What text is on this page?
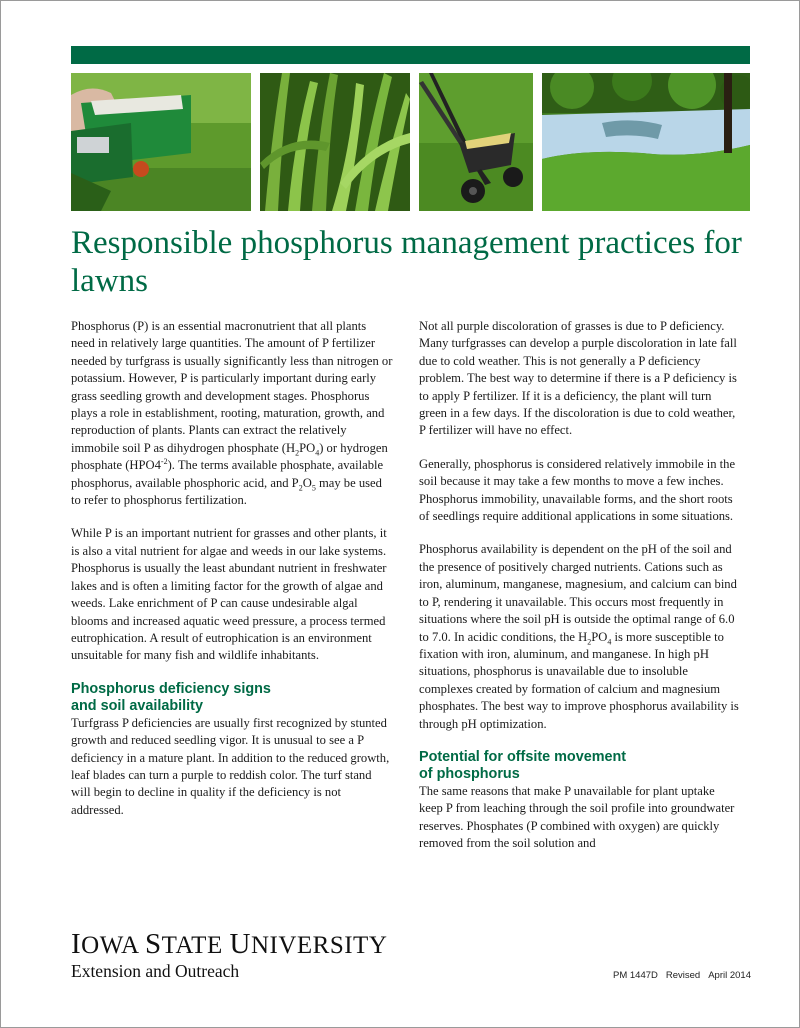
Responsible phosphorus management practices for lawns

Phosphorus (P) is an essential macronutrient that all plants need in relatively large quantities. The amount of P fertilizer needed by turfgrass is usually significantly less than nitrogen or potassium. However, P is particularly important during early grass seedling growth and development stages. Phosphorus plays a role in establishment, rooting, maturation, growth, and reproduction of plants. Plants can extract the relatively immobile soil P as dihydrogen phosphate $(H_2PO_4)$ or hydrogen phosphate $(HPO4^{-2})$. The terms available phosphate, available phosphorus, available phosphoric acid, and $P_2O_5$ may be used to refer to phosphorus fertilization.

While P is an important nutrient for grasses and other plants, it is also a vital nutrient for algae and weeds in our lake systems. Phosphorus is usually the least abundant nutrient in freshwater lakes and is often a limiting factor for the growth of algae and weeds. Lake enrichment of P can cause undesirable algal blooms and increased aquatic weed pressure, a process termed eutrophication. A result of eutrophication is an environment unsuitable for many fish and wildlife inhabitants.

Phosphorus deficiency signs
and soil availability

Turfgrass P deficiencies are usually first recognized by stunted growth and reduced seedling vigor. It is unusual to see a P deficiency in a mature plant. In addition to the reduced growth, leaf blades can turn a purple to reddish color. The turf stand will begin to decline in quality if the deficiency is not addressed.

Not all purple discoloration of grasses is due to P deficiency. Many turfgrasses can develop a purple discoloration in late fall due to cold weather. This is not generally a P deficiency problem. The best way to determine if there is a P deficiency is to apply P fertilizer. If it is a deficiency, the plant will turn green in a few days. If the discoloration is due to cold weather, P fertilizer will have no effect.

Generally, phosphorus is considered relatively immobile in the soil because it may take a few months to move a few inches. Phosphorus immobility, unavailable forms, and the short roots of seedlings require additional applications in some situations.

Phosphorus availability is dependent on the pH of the soil and the presence of positively charged nutrients. Cations such as iron, aluminum, manganese, magnesium, and calcium can bind to P, rendering it unavailable. This occurs most frequently in situations where the soil pH is outside the optimal range of 6.0 to 7.0. In acidic conditions, the $H_2PO_4$ is more susceptible to fixation with iron, aluminum, and manganese. In high pH situations, phosphorus is unavailable due to insoluble complexes created by formation of calcium and magnesium phosphates. The best way to improve phosphorus availability is through pH optimization.

Potential for offsite movement
of phosphorus

The same reasons that make P unavailable for plant uptake keep P from leaching through the soil profile into groundwater reserves. Phosphates (P combined with oxygen) are quickly removed from the soil solution and

IOWA STATE UNIVERSITY
Extension and Outreach	PM 1447D Revised April 2014
